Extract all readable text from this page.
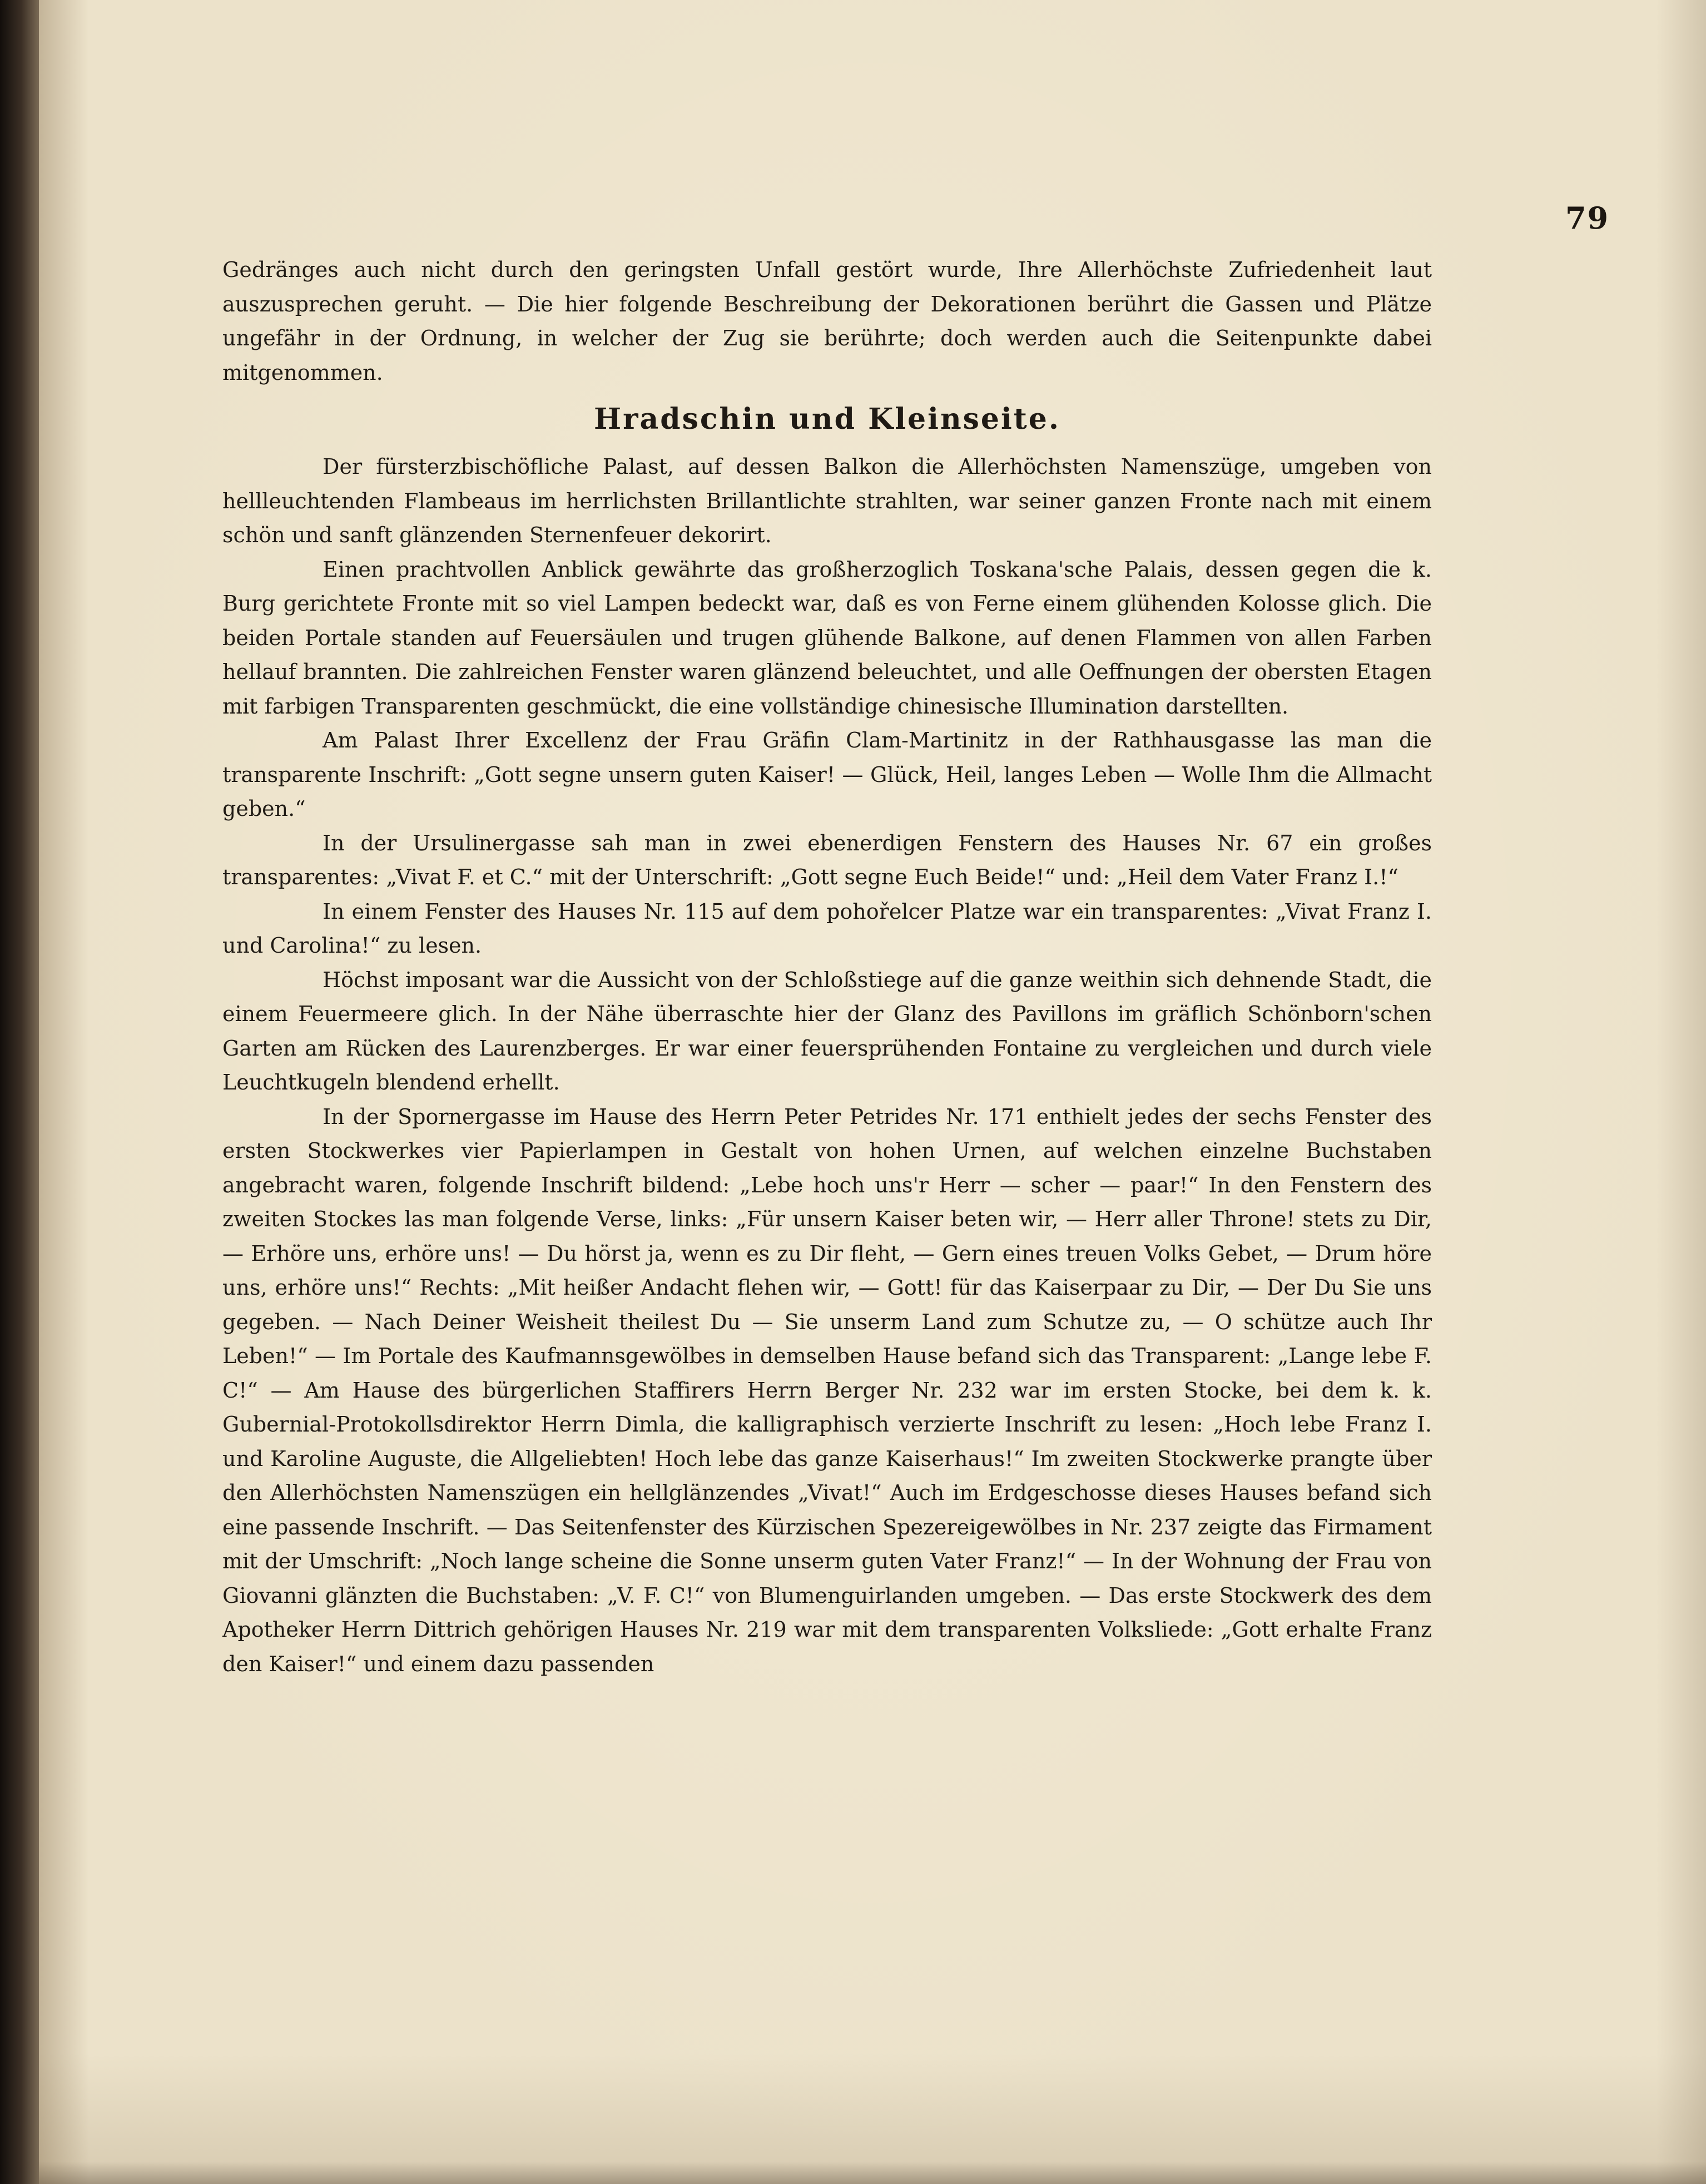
79

Gedränges auch nicht durch den geringsten Unfall gestört wurde, Ihre Allerhöchste Zufriedenheit laut auszusprechen geruht. — Die hier folgende Beschreibung der Dekorationen berührt die Gassen und Plätze ungefähr in der Ordnung, in welcher der Zug sie berührte; doch werden auch die Seitenpunkte dabei mitgenommen.

Hradschin und Kleinseite.

Der fürsterzbischöfliche Palast, auf dessen Balkon die Allerhöchsten Namenszüge, umgeben von hellleuchtenden Flambeaus im herrlichsten Brillantlichte strahlten, war seiner ganzen Fronte nach mit einem schön und sanft glänzenden Sternenfeuer dekorirt.

Einen prachtvollen Anblick gewährte das großherzoglich Toskana'sche Palais, dessen gegen die k. Burg gerichtete Fronte mit so viel Lampen bedeckt war, daß es von Ferne einem glühenden Kolosse glich. Die beiden Portale standen auf Feuersäulen und trugen glühende Balkone, auf denen Flammen von allen Farben hellauf brannten. Die zahlreichen Fenster waren glänzend beleuchtet, und alle Oeffnungen der obersten Etagen mit farbigen Transparenten geschmückt, die eine vollständige chinesische Illumination darstellten.

Am Palast Ihrer Excellenz der Frau Gräfin Clam-Martinitz in der Rathhausgasse las man die transparente Inschrift: „Gott segne unsern guten Kaiser! — Glück, Heil, langes Leben — Wolle Ihm die Allmacht geben.“

In der Ursulinergasse sah man in zwei ebenerdigen Fenstern des Hauses Nr. 67 ein großes transparentes: „Vivat F. et C.“ mit der Unterschrift: „Gott segne Euch Beide!“ und: „Heil dem Vater Franz I.!“

In einem Fenster des Hauses Nr. 115 auf dem pohořelcer Platze war ein transparentes: „Vivat Franz I. und Carolina!“ zu lesen.

Höchst imposant war die Aussicht von der Schloßstiege auf die ganze weithin sich dehnende Stadt, die einem Feuermeere glich. In der Nähe überraschte hier der Glanz des Pavillons im gräflich Schönborn'schen Garten am Rücken des Laurenzberges. Er war einer feuersprühenden Fontaine zu vergleichen und durch viele Leuchtkugeln blendend erhellt.

In der Spornergasse im Hause des Herrn Peter Petrides Nr. 171 enthielt jedes der sechs Fenster des ersten Stockwerkes vier Papierlampen in Gestalt von hohen Urnen, auf welchen einzelne Buchstaben angebracht waren, folgende Inschrift bildend: „Lebe hoch uns'r Herr — scher — paar!“ In den Fenstern des zweiten Stockes las man folgende Verse, links: „Für unsern Kaiser beten wir, — Herr aller Throne! stets zu Dir, — Erhöre uns, erhöre uns! — Du hörst ja, wenn es zu Dir fleht, — Gern eines treuen Volks Gebet, — Drum höre uns, erhöre uns!“ Rechts: „Mit heißer Andacht flehen wir, — Gott! für das Kaiserpaar zu Dir, — Der Du Sie uns gegeben. — Nach Deiner Weisheit theilest Du — Sie unserm Land zum Schutze zu, — O schütze auch Ihr Leben!“ — Im Portale des Kaufmannsgewölbes in demselben Hause befand sich das Transparent: „Lange lebe F. C!“ — Am Hause des bürgerlichen Staffirers Herrn Berger Nr. 232 war im ersten Stocke, bei dem k. k. Gubernial-Protokollsdirektor Herrn Dimla, die kalligraphisch verzierte Inschrift zu lesen: „Hoch lebe Franz I. und Karoline Auguste, die Allgeliebten! Hoch lebe das ganze Kaiserhaus!“ Im zweiten Stockwerke prangte über den Allerhöchsten Namenszügen ein hellglänzendes „Vivat!“ Auch im Erdgeschosse dieses Hauses befand sich eine passende Inschrift. — Das Seitenfenster des Kürzischen Spezereigewölbes in Nr. 237 zeigte das Firmament mit der Umschrift: „Noch lange scheine die Sonne unserm guten Vater Franz!“ — In der Wohnung der Frau von Giovanni glänzten die Buchstaben: „V. F. C!“ von Blumenguirlanden umgeben. — Das erste Stockwerk des dem Apotheker Herrn Dittrich gehörigen Hauses Nr. 219 war mit dem transparenten Volksliede: „Gott erhalte Franz den Kaiser!“ und einem dazu passenden
